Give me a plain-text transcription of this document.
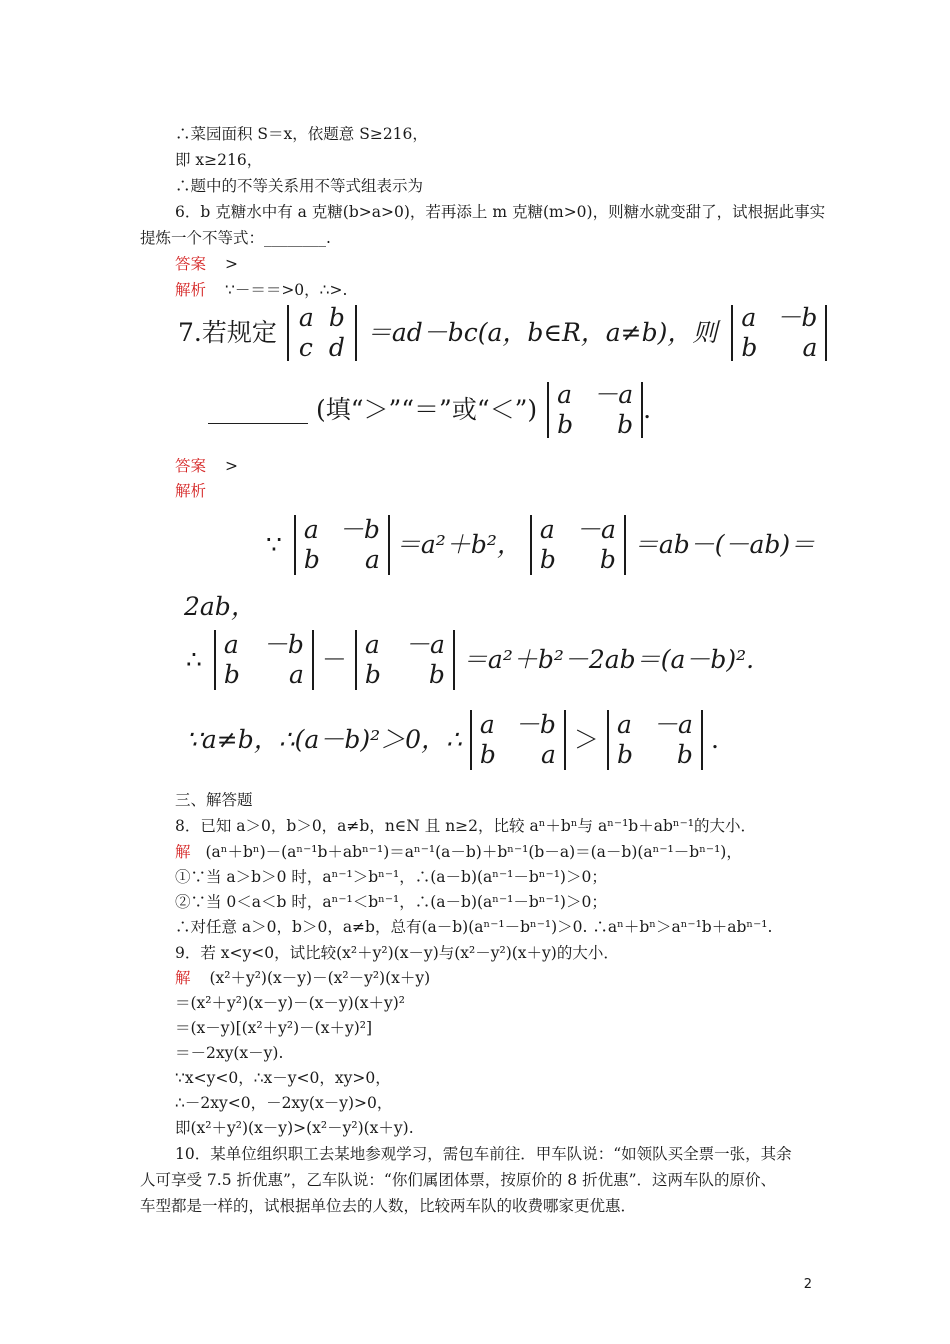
∴菜园面积 S＝x，依题意 S≥216，
即 x≥216，
∴题中的不等关系用不等式组表示为
6．b 克糖水中有 a 克糖(b>a>0)，若再添上 m 克糖(m>0)，则糖水就变甜了，试根据此事实
提炼一个不等式：________.
答案 >
解析 ∵－＝＝>0，∴>.
7.若规定
a b
c d
＝ad－bc(a，b∈R，a≠b)，则
a －b
b a
________ (填“＞”“＝”或“＜”)
a －a
b b
.
答案 >
解析
∵
a －b
b a
＝a²＋b²，
a －a
b b
＝ab－(－ab)＝
2ab，
∴
a －b
b a
－
a －a
b b
＝a²＋b²－2ab＝(a－b)².
∵a≠b，∴(a－b)²＞0，∴
a －b
b a
＞
a －a
b b
.
三、解答题
8．已知 a＞0，b＞0，a≠b，n∈N 且 n≥2，比较 aⁿ＋bⁿ与 aⁿ⁻¹b＋abⁿ⁻¹的大小．
解 (aⁿ＋bⁿ)－(aⁿ⁻¹b＋abⁿ⁻¹)＝aⁿ⁻¹(a－b)＋bⁿ⁻¹(b－a)＝(a－b)(aⁿ⁻¹－bⁿ⁻¹)，
①∵当 a＞b＞0 时，aⁿ⁻¹＞bⁿ⁻¹，∴(a－b)(aⁿ⁻¹－bⁿ⁻¹)＞0；
②∵当 0＜a＜b 时，aⁿ⁻¹＜bⁿ⁻¹，∴(a－b)(aⁿ⁻¹－bⁿ⁻¹)＞0；
∴对任意 a＞0，b＞0，a≠b，总有(a－b)(aⁿ⁻¹－bⁿ⁻¹)＞0. ∴aⁿ＋bⁿ＞aⁿ⁻¹b＋abⁿ⁻¹.
9．若 x<y<0，试比较(x²＋y²)(x－y)与(x²－y²)(x＋y)的大小．
解 (x²＋y²)(x－y)－(x²－y²)(x＋y)
＝(x²＋y²)(x－y)－(x－y)(x＋y)²
＝(x－y)[(x²＋y²)－(x＋y)²]
＝－2xy(x－y).
∵x<y<0，∴x－y<0，xy>0，
∴－2xy<0，－2xy(x－y)>0，
即(x²＋y²)(x－y)>(x²－y²)(x＋y).
10．某单位组织职工去某地参观学习，需包车前往．甲车队说：“如领队买全票一张，其余
人可享受 7.5 折优惠”，乙车队说：“你们属团体票，按原价的 8 折优惠”．这两车队的原价、
车型都是一样的，试根据单位去的人数，比较两车队的收费哪家更优惠．
2
